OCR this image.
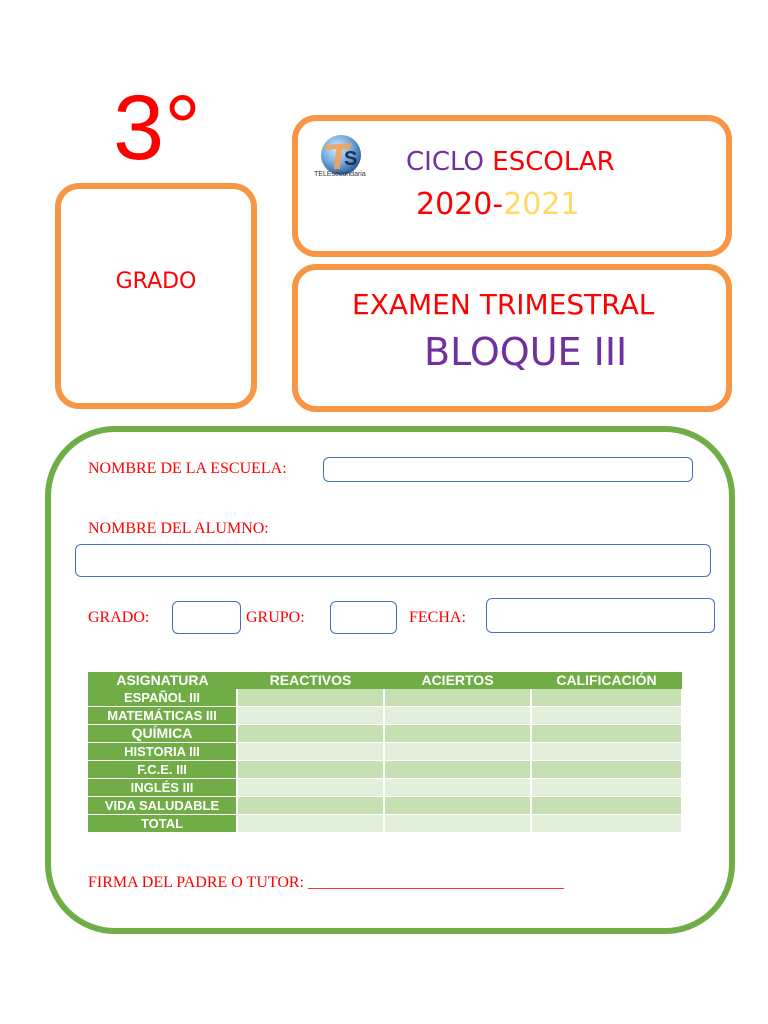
3°
GRADO
S
TELEsecundaria CICLO ESCOLAR
2020-2021
EXAMEN TRIMESTRAL
BLOQUE III
NOMBRE DE LA ESCUELA:
NOMBRE DEL ALUMNO:
GRADO:	GRUPO:	FECHA:
ASIGNATURA	REACTIVOS	ACIERTOS	CALIFICACIÓN
ESPAÑOL III			
MATEMÁTICAS III			
QUÍMICA			
HISTORIA III			
F.C.E. III			
INGLÉS III			
VIDA SALUDABLE			
TOTAL			
FIRMA DEL PADRE O TUTOR: ________________________________
